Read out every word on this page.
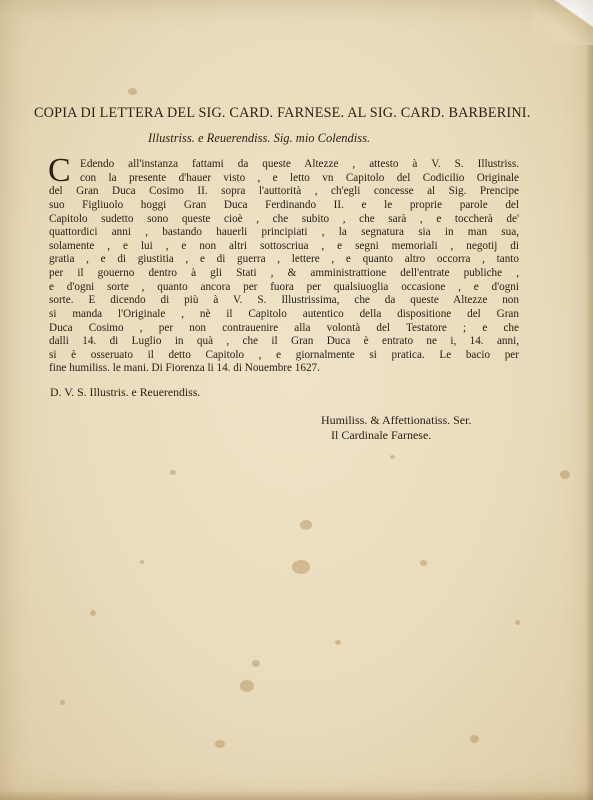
COPIA DI LETTERA DEL SIG. CARD. FARNESE. AL SIG. CARD. BARBERINI.
Illustriss. e Reuerendiss. Sig. mio Colendiss.
C Edendo all'instanza fattami da queste Altezze , attesto à V. S. Illustriss.
con la presente d'hauer visto , e letto vn Capitolo del Codicilio Originale
del Gran Duca Cosimo II. sopra l'auttorità , ch'egli concesse al Sig. Prencipe
suo Figliuolo hoggi Gran Duca Ferdinando II. e le proprie parole del
Capitolo sudetto sono queste cioè , che subito , che sarà , e toccherà de'
quattordici anni , bastando hauerli principiati , la segnatura sia in man sua,
solamente , e lui , e non altri sottoscriua , e segni memoriali , negotij di
gratia , e di giustitia , e di guerra , lettere , e quanto altro occorra , tanto
per il gouerno dentro à gli Stati , & amministrattione dell'entrate publiche ,
e d'ogni sorte , quanto ancora per fuora per qualsiuoglia occasione , e d'ogni
sorte. E dicendo di più à V. S. Illustrissima, che da queste Altezze non
si manda l'Originale , nè il Capitolo autentico della dispositione del Gran
Duca Cosimo , per non contrauenire alla volontà del Testatore ; e che
dalli 14. di Luglio in quà , che il Gran Duca è entrato ne i, 14. anni,
si è osseruato il detto Capitolo , e giornalmente si pratica. Le bacio per
fine humiliss. le mani. Di Fiorenza li 14. di Nouembre 1627.
D. V. S. Illustris. e Reuerendiss.
Humiliss. & Affettionatiss. Ser.
Il Cardinale Farnese.
